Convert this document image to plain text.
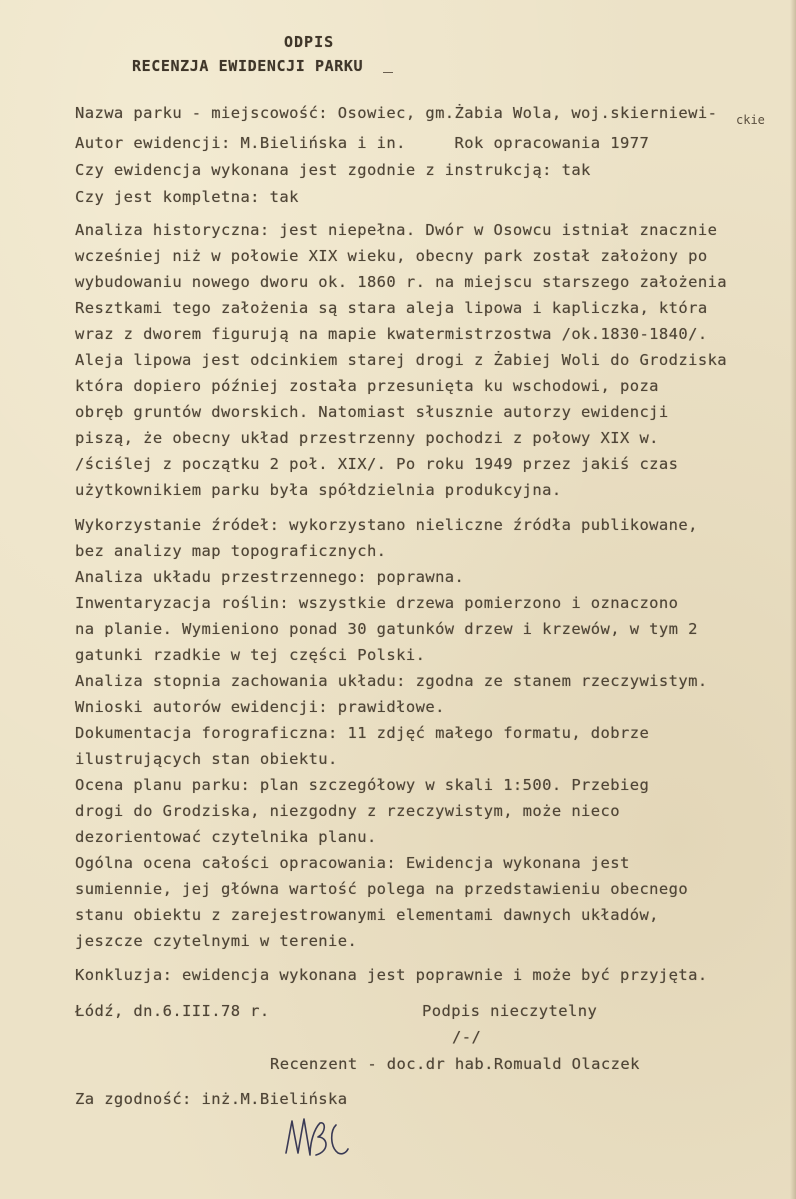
ODPIS
RECENZJA EWIDENCJI PARKU
Nazwa parku - miejscowość: Osowiec, gm.Żabia Wola, woj.skierniewi- ckie
Autor ewidencji: M.Bielińska i in.     Rok opracowania 1977
Czy ewidencja wykonana jest zgodnie z instrukcją: tak
Czy jest kompletna: tak
Analiza historyczna: jest niepełna. Dwór w Osowcu istniał znacznie
wcześniej niż w połowie XIX wieku, obecny park został założony po
wybudowaniu nowego dworu ok. 1860 r. na miejscu starszego założenia
Resztkami tego założenia są stara aleja lipowa i kapliczka, która
wraz z dworem figurują na mapie kwatermistrzostwa /ok.1830-1840/.
Aleja lipowa jest odcinkiem starej drogi z Żabiej Woli do Grodziska
która dopiero później została przesunięta ku wschodowi, poza
obręb gruntów dworskich. Natomiast słusznie autorzy ewidencji
piszą, że obecny układ przestrzenny pochodzi z połowy XIX w.
/ściślej z początku 2 poł. XIX/. Po roku 1949 przez jakiś czas
użytkownikiem parku była spółdzielnia produkcyjna.
Wykorzystanie źródeł: wykorzystano nieliczne źródła publikowane,
bez analizy map topograficznych.
Analiza układu przestrzennego: poprawna.
Inwentaryzacja roślin: wszystkie drzewa pomierzono i oznaczono
na planie. Wymieniono ponad 30 gatunków drzew i krzewów, w tym 2
gatunki rzadkie w tej części Polski.
Analiza stopnia zachowania układu: zgodna ze stanem rzeczywistym.
Wnioski autorów ewidencji: prawidłowe.
Dokumentacja forograficzna: 11 zdjęć małego formatu, dobrze
ilustrujących stan obiektu.
Ocena planu parku: plan szczegółowy w skali 1:500. Przebieg
drogi do Grodziska, niezgodny z rzeczywistym, może nieco
dezorientować czytelnika planu.
Ogólna ocena całości opracowania: Ewidencja wykonana jest
sumiennie, jej główna wartość polega na przedstawieniu obecnego
stanu obiektu z zarejestrowanymi elementami dawnych układów,
jeszcze czytelnymi w terenie.
Konkluzja: ewidencja wykonana jest poprawnie i może być przyjęta.
Łódź, dn.6.III.78 r.	Podpis nieczytelny
/-/
Recenzent - doc.dr hab.Romuald Olaczek
Za zgodność: inż.M.Bielińska
